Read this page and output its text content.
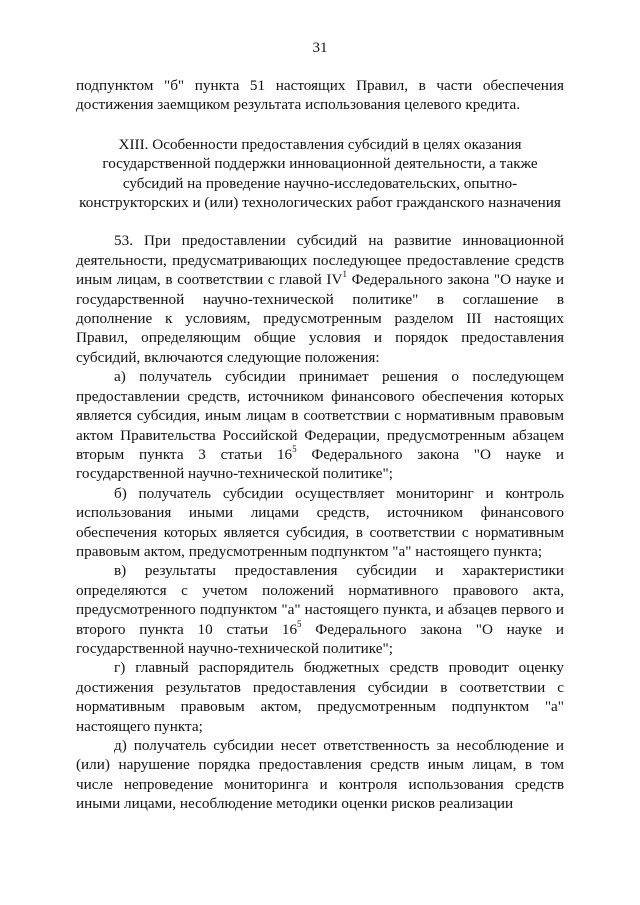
31

подпунктом "б" пункта 51 настоящих Правил, в части обеспечения достижения заемщиком результата использования целевого кредита.

XIII. Особенности предоставления субсидий в целях оказания

государственной поддержки инновационной деятельности, а также

субсидий на проведение научно-исследовательских, опытно-

конструкторских и (или) технологических работ гражданского назначения

53. При предоставлении субсидий на развитие инновационной деятельности, предусматривающих последующее предоставление средств иным лицам, в соответствии с главой $IV^1$ Федерального закона "О науке и государственной научно-технической политике" в соглашение в дополнение к условиям, предусмотренным разделом III настоящих Правил, определяющим общие условия и порядок предоставления субсидий, включаются следующие положения:

а) получатель субсидии принимает решения о последующем предоставлении средств, источником финансового обеспечения которых является субсидия, иным лицам в соответствии с нормативным правовым актом Правительства Российской Федерации, предусмотренным абзацем вторым пункта 3 статьи $16^5$ Федерального закона "О науке и государственной научно-технической политике";

б) получатель субсидии осуществляет мониторинг и контроль использования иными лицами средств, источником финансового обеспечения которых является субсидия, в соответствии с нормативным правовым актом, предусмотренным подпунктом "а" настоящего пункта;

в) результаты предоставления субсидии и характеристики определяются с учетом положений нормативного правового акта, предусмотренного подпунктом "а" настоящего пункта, и абзацев первого и второго пункта 10 статьи $16^5$ Федерального закона "О науке и государственной научно-технической политике";

г) главный распорядитель бюджетных средств проводит оценку достижения результатов предоставления субсидии в соответствии с нормативным правовым актом, предусмотренным подпунктом "а" настоящего пункта;

д) получатель субсидии несет ответственность за несоблюдение и (или) нарушение порядка предоставления средств иным лицам, в том числе непроведение мониторинга и контроля использования средств иными лицами, несоблюдение методики оценки рисков реализации
